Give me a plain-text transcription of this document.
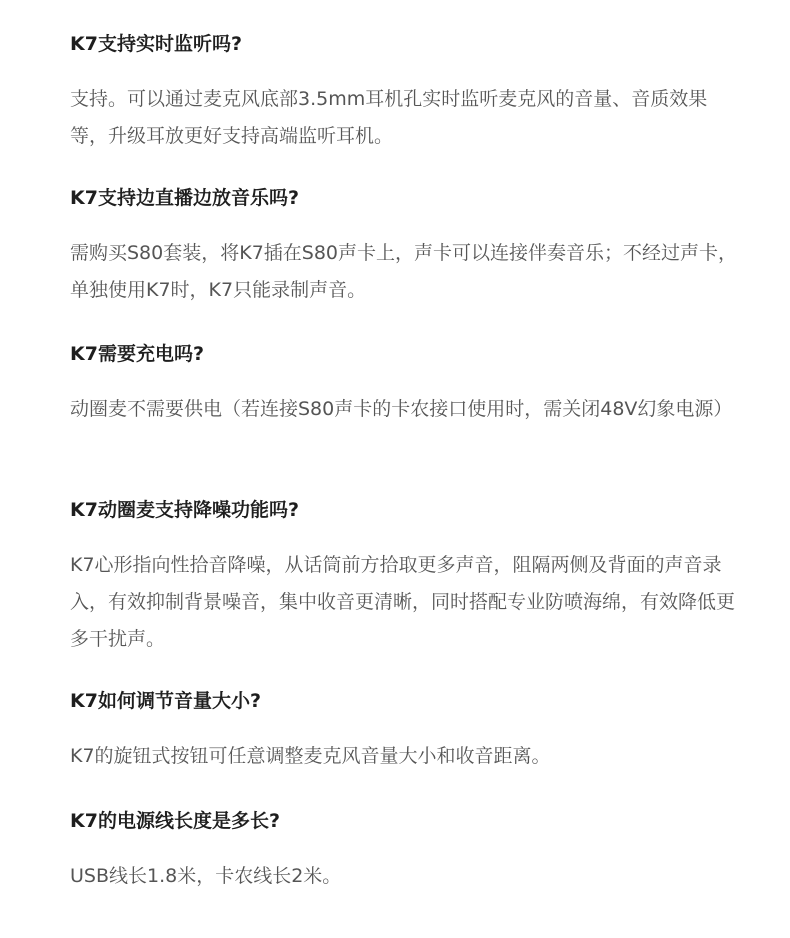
K7支持实时监听吗?

支持。可以通过麦克风底部3.5mm耳机孔实时监听麦克风的音量、音质效果等，升级耳放更好支持高端监听耳机。

K7支持边直播边放音乐吗?

需购买S80套装，将K7插在S80声卡上，声卡可以连接伴奏音乐；不经过声卡，单独使用K7时，K7只能录制声音。

K7需要充电吗?

动圈麦不需要供电（若连接S80声卡的卡农接口使用时，需关闭48V幻象电源）

K7动圈麦支持降噪功能吗?

K7心形指向性拾音降噪，从话筒前方拾取更多声音，阻隔两侧及背面的声音录入，有效抑制背景噪音，集中收音更清晰，同时搭配专业防喷海绵，有效降低更多干扰声。

K7如何调节音量大小?

K7的旋钮式按钮可任意调整麦克风音量大小和收音距离。

K7的电源线长度是多长?

USB线长1.8米，卡农线长2米。
